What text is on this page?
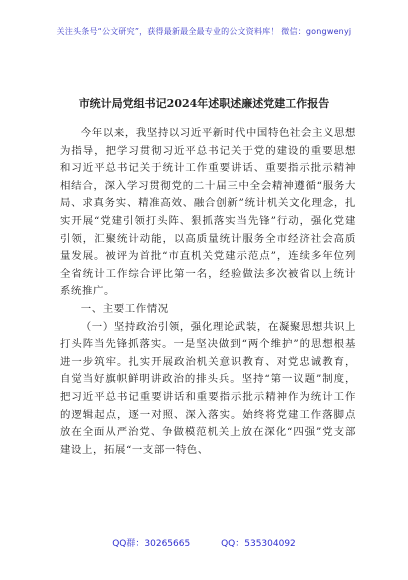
关注头条号“公文研究”，获得最新最全最专业的公文资料库！ 微信：gongwenyj
市统计局党组书记2024年述职述廉述党建工作报告

今年以来，我坚持以习近平新时代中国特色社会主义思想为指导，把学习贯彻习近平总书记关于党的建设的重要思想和习近平总书记关于统计工作重要讲话、重要指示批示精神相结合，深入学习贯彻党的二十届三中全会精神遵循“服务大局、求真务实、精准高效、融合创新”统计机关文化理念，扎实开展“党建引领打头阵、狠抓落实当先锋”行动，强化党建引领，汇聚统计动能，以高质量统计服务全市经济社会高质量发展。被评为首批“市直机关党建示范点”，连续多年位列全省统计工作综合评比第一名，经验做法多次被省以上统计系统推广。

一、主要工作情况

（一）坚持政治引领，强化理论武装，在凝聚思想共识上打头阵当先锋抓落实。一是坚决做到“两个维护”的思想根基进一步筑牢。扎实开展政治机关意识教育、对党忠诚教育，自觉当好旗帜鲜明讲政治的排头兵。坚持“第一议题”制度，把习近平总书记重要讲话和重要指示批示精神作为统计工作的逻辑起点，逐一对照、深入落实。始终将党建工作落脚点放在全面从严治党、争做模范机关上放在深化“四强”党支部建设上，拓展“一支部一特色、

QQ群：30265665	QQ：535304092
